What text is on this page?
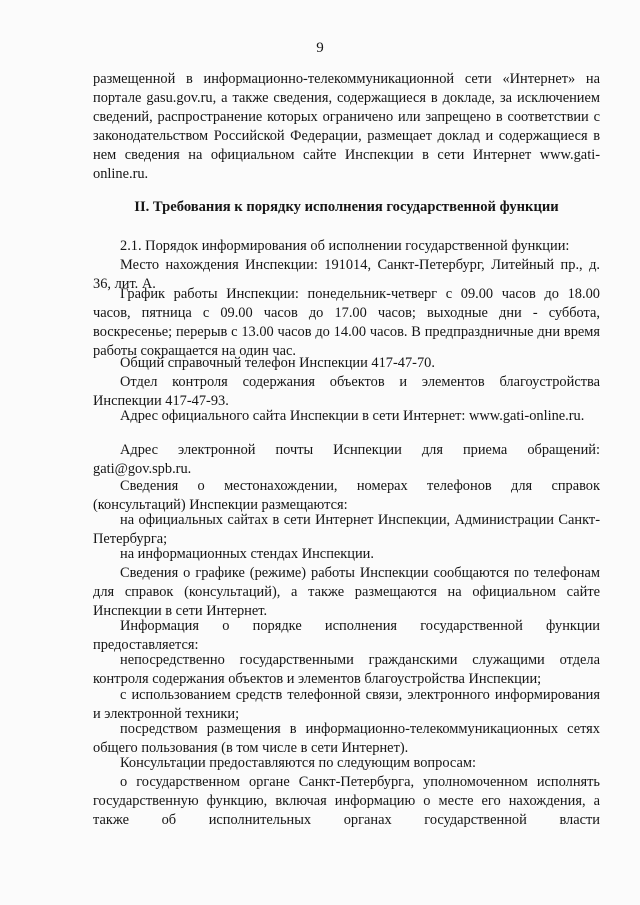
9

размещенной в информационно-телекоммуникационной сети «Интернет» на портале gasu.gov.ru, а также сведения, содержащиеся в докладе, за исключением сведений, распространение которых ограничено или запрещено в соответствии с законодательством Российской Федерации, размещает доклад и содержащиеся в нем сведения на официальном сайте Инспекции в сети Интернет www.gati-online.ru.

II. Требования к порядку исполнения государственной функции

2.1. Порядок информирования об исполнении государственной функции:

Место нахождения Инспекции: 191014, Санкт-Петербург, Литейный пр., д. 36, лит. А.

График работы Инспекции: понедельник-четверг с 09.00 часов до 18.00 часов, пятница с 09.00 часов до 17.00 часов; выходные дни - суббота, воскресенье; перерыв с 13.00 часов до 14.00 часов. В предпраздничные дни время работы сокращается на один час.

Общий справочный телефон Инспекции 417-47-70.

Отдел контроля содержания объектов и элементов благоустройства Инспекции 417-47-93.

Адрес официального сайта Инспекции в сети Интернет: www.gati-online.ru.

Адрес электронной почты Иснпекции для приема обращений: gati@gov.spb.ru.

Сведения о местонахождении, номерах телефонов для справок (консультаций) Инспекции размещаются:

на официальных сайтах в сети Интернет Инспекции, Администрации Санкт-Петербурга;

на информационных стендах Инспекции.

Сведения о графике (режиме) работы Инспекции сообщаются по телефонам для справок (консультаций), а также размещаются на официальном сайте Инспекции в сети Интернет.

Информация о порядке исполнения государственной функции предоставляется:

непосредственно государственными гражданскими служащими отдела контроля содержания объектов и элементов благоустройства Инспекции;

с использованием средств телефонной связи, электронного информирования и электронной техники;

посредством размещения в информационно-телекоммуникационных сетях общего пользования (в том числе в сети Интернет).

Консультации предоставляются по следующим вопросам:

о государственном органе Санкт-Петербурга, уполномоченном исполнять государственную функцию, включая информацию о месте его нахождения, а также об исполнительных органах государственной власти
